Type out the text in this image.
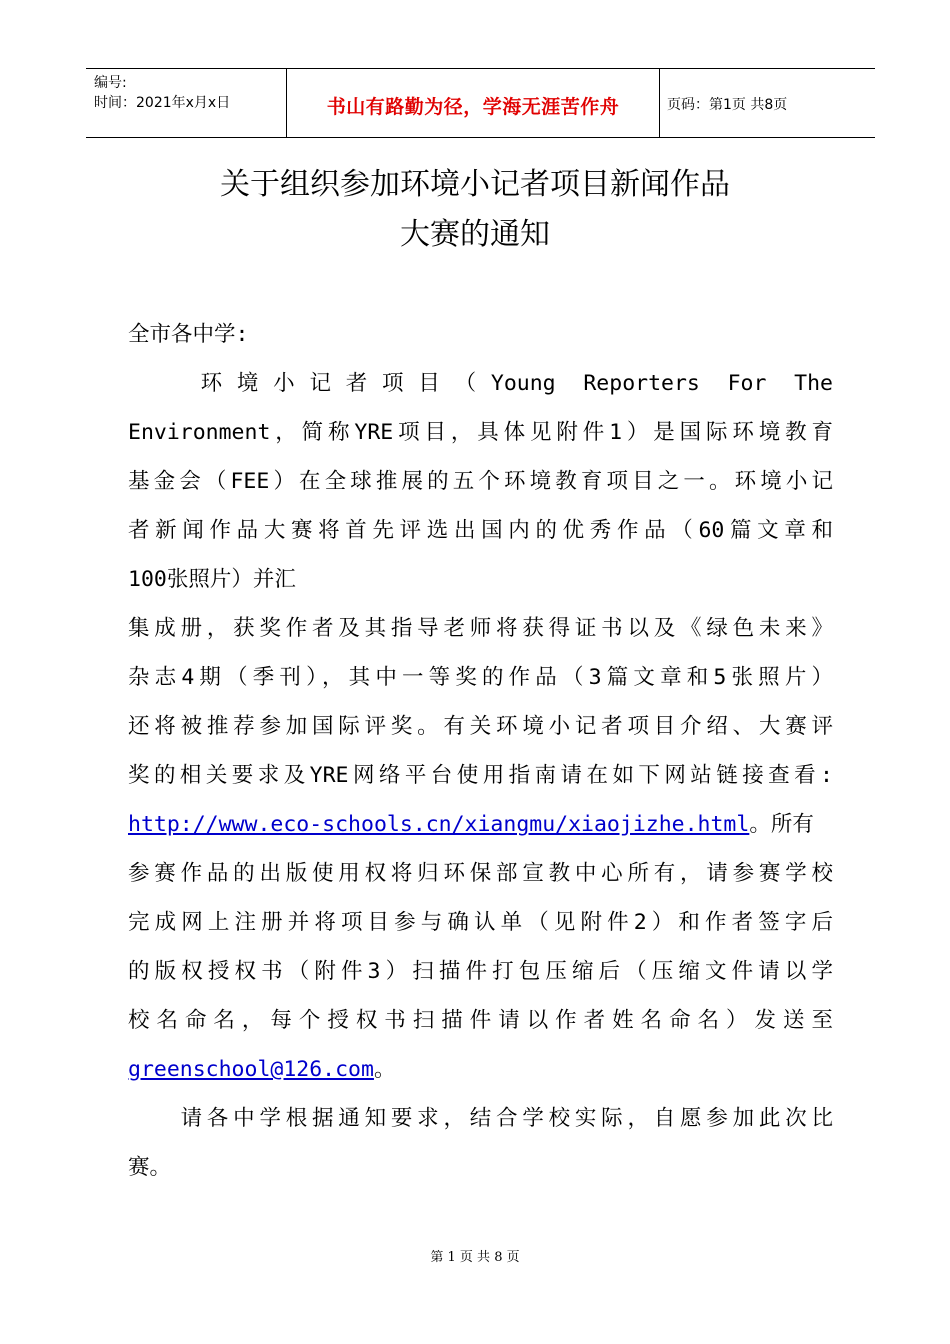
编号:
时间：2021年x月x日	书山有路勤为径，学海无涯苦作舟	页码：第1页 共8页
关于组织参加环境小记者项目新闻作品
大赛的通知
全市各中学:
　　环境小记者项目（Young Reporters For The
Environment，简称YRE项目，具体见附件1）是国际环境教育
基金会（FEE）在全球推展的五个环境教育项目之一。环境小记
者新闻作品大赛将首先评选出国内的优秀作品（60篇文章和
100张照片）并汇
集成册，获奖作者及其指导老师将获得证书以及《绿色未来》
杂志4期（季刊），其中一等奖的作品（3篇文章和5张照片）
还将被推荐参加国际评奖。有关环境小记者项目介绍、大赛评
奖的相关要求及YRE网络平台使用指南请在如下网站链接查看:
http://www.eco-schools.cn/xiangmu/xiaojizhe.html。所有
参赛作品的出版使用权将归环保部宣教中心所有，请参赛学校
完成网上注册并将项目参与确认单（见附件2）和作者签字后
的版权授权书（附件3）扫描件打包压缩后（压缩文件请以学
校名命名，每个授权书扫描件请以作者姓名命名）发送至
greenschool@126.com。
　　请各中学根据通知要求，结合学校实际，自愿参加此次比
赛。
第 1 页 共 8 页
